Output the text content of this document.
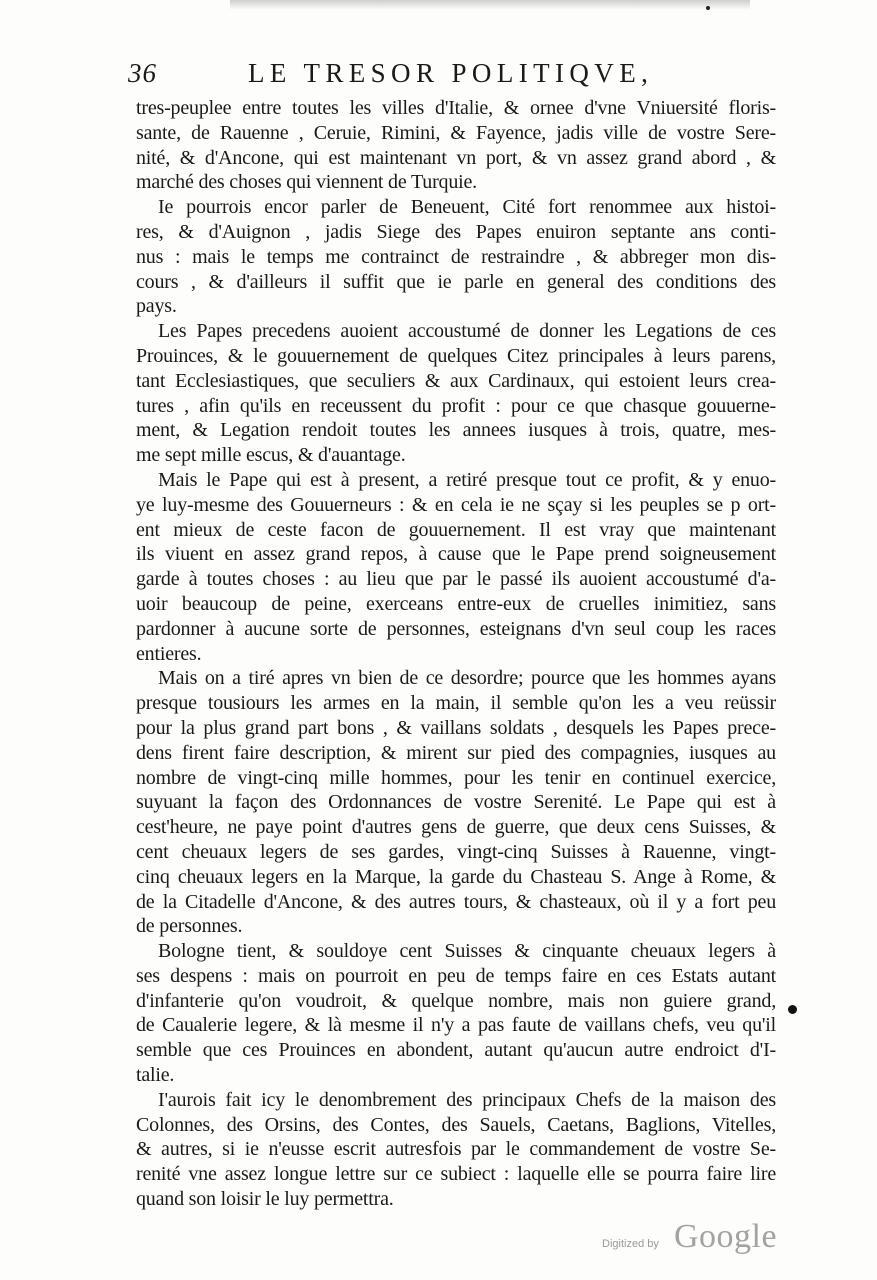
36	LE TRESOR POLITIQVE,
tres-peuplee entre toutes les villes d'Italie, & ornee d'vne Vniuersité floris-
sante, de Rauenne , Ceruie, Rimini, & Fayence, jadis ville de vostre Sere-
nité, & d'Ancone, qui est maintenant vn port, & vn assez grand abord , &
marché des choses qui viennent de Turquie.
Ie pourrois encor parler de Beneuent, Cité fort renommee aux histoi-
res, & d'Auignon , jadis Siege des Papes enuiron septante ans conti-
nus : mais le temps me contrainct de restraindre , & abbreger mon dis-
cours , & d'ailleurs il suffit que ie parle en general des conditions des
pays.
Les Papes precedens auoient accoustumé de donner les Legations de ces
Prouinces, & le gouuernement de quelques Citez principales à leurs parens,
tant Ecclesiastiques, que seculiers & aux Cardinaux, qui estoient leurs crea-
tures , afin qu'ils en receussent du profit : pour ce que chasque gouuerne-
ment, & Legation rendoit toutes les annees iusques à trois, quatre, mes-
me sept mille escus, & d'auantage.
Mais le Pape qui est à present, a retiré presque tout ce profit, & y enuo-
ye luy-mesme des Gouuerneurs : & en cela ie ne sçay si les peuples se p ort-
ent mieux de ceste facon de gouuernement. Il est vray que maintenant
ils viuent en assez grand repos, à cause que le Pape prend soigneusement
garde à toutes choses : au lieu que par le passé ils auoient accoustumé d'a-
uoir beaucoup de peine, exerceans entre-eux de cruelles inimitiez, sans
pardonner à aucune sorte de personnes, esteignans d'vn seul coup les races
entieres.
Mais on a tiré apres vn bien de ce desordre; pource que les hommes ayans
presque tousiours les armes en la main, il semble qu'on les a veu reüssir
pour la plus grand part bons , & vaillans soldats , desquels les Papes prece-
dens firent faire description, & mirent sur pied des compagnies, iusques au
nombre de vingt-cinq mille hommes, pour les tenir en continuel exercice,
suyuant la façon des Ordonnances de vostre Serenité. Le Pape qui est à
cest'heure, ne paye point d'autres gens de guerre, que deux cens Suisses, &
cent cheuaux legers de ses gardes, vingt-cinq Suisses à Rauenne, vingt-
cinq cheuaux legers en la Marque, la garde du Chasteau S. Ange à Rome, &
de la Citadelle d'Ancone, & des autres tours, & chasteaux, où il y a fort peu
de personnes.
Bologne tient, & souldoye cent Suisses & cinquante cheuaux legers à
ses despens : mais on pourroit en peu de temps faire en ces Estats autant
d'infanterie qu'on voudroit, & quelque nombre, mais non guiere grand,
de Caualerie legere, & là mesme il n'y a pas faute de vaillans chefs, veu qu'il
semble que ces Prouinces en abondent, autant qu'aucun autre endroict d'I-
talie.
I'aurois fait icy le denombrement des principaux Chefs de la maison des
Colonnes, des Orsins, des Contes, des Sauels, Caetans, Baglions, Vitelles,
& autres, si ie n'eusse escrit autresfois par le commandement de vostre Se-
renité vne assez longue lettre sur ce subiect : laquelle elle se pourra faire lire
quand son loisir le luy permettra.
Digitized by Google
